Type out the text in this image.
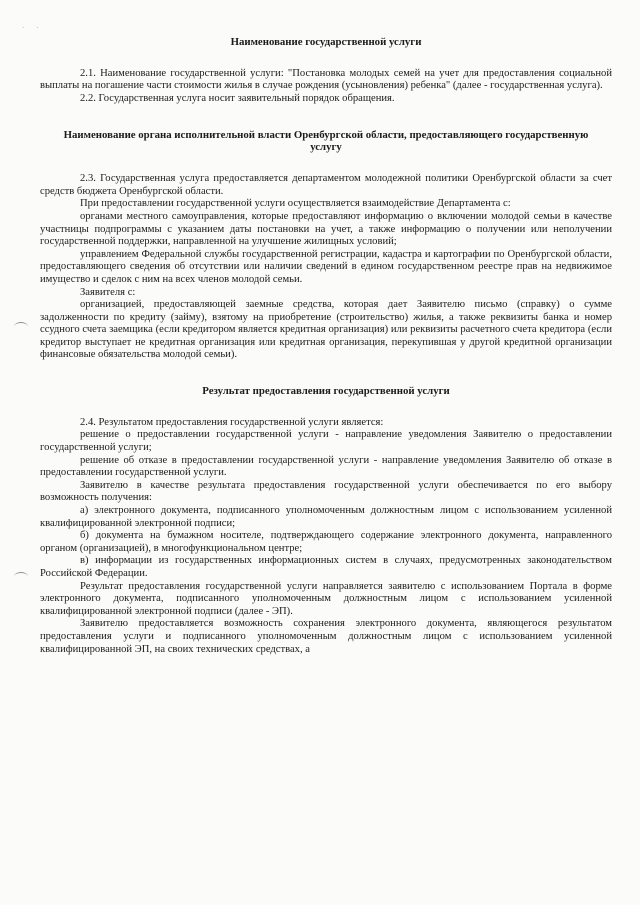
· ·
Наименование государственной услуги

2.1. Наименование государственной услуги: "Постановка молодых семей на учет для предоставления социальной выплаты на погашение части стоимости жилья в случае рождения (усыновления) ребенка" (далее - государственная услуга).

2.2. Государственная услуга носит заявительный порядок обращения.

Наименование органа исполнительной власти Оренбургской области, предоставляющего государственную услугу

2.3. Государственная услуга предоставляется департаментом молодежной политики Оренбургской области за счет средств бюджета Оренбургской области.

При предоставлении государственной услуги осуществляется взаимодействие Департамента с:

органами местного самоуправления, которые предоставляют информацию о включении молодой семьи в качестве участницы подпрограммы с указанием даты постановки на учет, а также информацию о получении или неполучении государственной поддержки, направленной на улучшение жилищных условий;

управлением Федеральной службы государственной регистрации, кадастра и картографии по Оренбургской области, предоставляющего сведения об отсутствии или наличии сведений в едином государственном реестре прав на недвижимое имущество и сделок с ним на всех членов молодой семьи.

Заявителя с:

организацией, предоставляющей заемные средства, которая дает Заявителю письмо (справку) о сумме задолженности по кредиту (займу), взятому на приобретение (строительство) жилья, а также реквизиты банка и номер ссудного счета заемщика (если кредитором является кредитная организация) или реквизиты расчетного счета кредитора (если кредитор выступает не кредитная организация или кредитная организация, перекупившая у другой кредитной организации финансовые обязательства молодой семьи).

Результат предоставления государственной услуги

2.4. Результатом предоставления государственной услуги является:

решение о предоставлении государственной услуги - направление уведомления Заявителю о предоставлении государственной услуги;

решение об отказе в предоставлении государственной услуги - направление уведомления Заявителю об отказе в предоставлении государственной услуги.

Заявителю в качестве результата предоставления государственной услуги обеспечивается по его выбору возможность получения:

а) электронного документа, подписанного уполномоченным должностным лицом с использованием усиленной квалифицированной электронной подписи;

б) документа на бумажном носителе, подтверждающего содержание электронного документа, направленного органом (организацией), в многофункциональном центре;

в) информации из государственных информационных систем в случаях, предусмотренных законодательством Российской Федерации.

Результат предоставления государственной услуги направляется заявителю с использованием Портала в форме электронного документа, подписанного уполномоченным должностным лицом с использованием усиленной квалифицированной электронной подписи (далее - ЭП).

Заявителю предоставляется возможность сохранения электронного документа, являющегося результатом предоставления услуги и подписанного уполномоченным должностным лицом с использованием усиленной квалифицированной ЭП, на своих технических средствах, а
